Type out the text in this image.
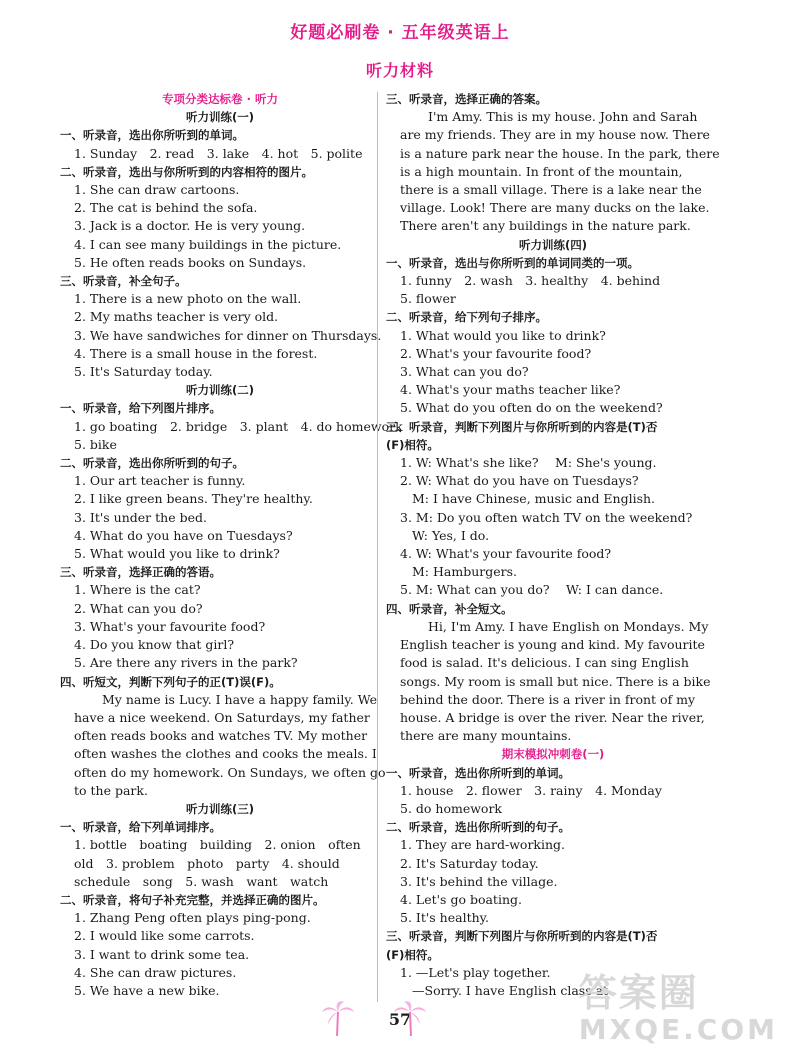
好题必刷卷 · 五年级英语上
听力材料
专项分类达标卷 · 听力
听力训练(一)
一、听录音，选出你所听到的单词。
1. Sunday　2. read　3. lake　4. hot　5. polite
二、听录音，选出与你所听到的内容相符的图片。
1. She can draw cartoons.
2. The cat is behind the sofa.
3. Jack is a doctor. He is very young.
4. I can see many buildings in the picture.
5. He often reads books on Sundays.
三、听录音，补全句子。
1. There is a new photo on the wall.
2. My maths teacher is very old.
3. We have sandwiches for dinner on Thursdays.
4. There is a small house in the forest.
5. It's Saturday today.
听力训练(二)
一、听录音，给下列图片排序。
1. go boating　2. bridge　3. plant　4. do homework
5. bike
二、听录音，选出你所听到的句子。
1. Our art teacher is funny.
2. I like green beans. They're healthy.
3. It's under the bed.
4. What do you have on Tuesdays?
5. What would you like to drink?
三、听录音，选择正确的答语。
1. Where is the cat?
2. What can you do?
3. What's your favourite food?
4. Do you know that girl?
5. Are there any rivers in the park?
四、听短文，判断下列句子的正(T)误(F)。
My name is Lucy. I have a happy family. We
have a nice weekend. On Saturdays, my father
often reads books and watches TV. My mother
often washes the clothes and cooks the meals. I
often do my homework. On Sundays, we often go
to the park.
听力训练(三)
一、听录音，给下列单词排序。
1. bottle　boating　building　2. onion　often
old　3. problem　photo　party　4. should
schedule　song　5. wash　want　watch
二、听录音，将句子补充完整，并选择正确的图片。
1. Zhang Peng often plays ping-pong.
2. I would like some carrots.
3. I want to drink some tea.
4. She can draw pictures.
5. We have a new bike.
三、听录音，选择正确的答案。
I'm Amy. This is my house. John and Sarah
are my friends. They are in my house now. There
is a nature park near the house. In the park, there
is a high mountain. In front of the mountain,
there is a small village. There is a lake near the
village. Look! There are many ducks on the lake.
There aren't any buildings in the nature park.
听力训练(四)
一、听录音，选出与你所听到的单词同类的一项。
1. funny　2. wash　3. healthy　4. behind
5. flower
二、听录音，给下列句子排序。
1. What would you like to drink?
2. What's your favourite food?
3. What can you do?
4. What's your maths teacher like?
5. What do you often do on the weekend?
三、听录音，判断下列图片与你所听到的内容是(T)否
(F)相符。
1. W: What's she like?　 M: She's young.
2. W: What do you have on Tuesdays?
M: I have Chinese, music and English.
3. M: Do you often watch TV on the weekend?
W: Yes, I do.
4. W: What's your favourite food?
M: Hamburgers.
5. M: What can you do?　 W: I can dance.
四、听录音，补全短文。
Hi, I'm Amy. I have English on Mondays. My
English teacher is young and kind. My favourite
food is salad. It's delicious. I can sing English
songs. My room is small but nice. There is a bike
behind the door. There is a river in front of my
house. A bridge is over the river. Near the river,
there are many mountains.
期末模拟冲刺卷(一)
一、听录音，选出你所听到的单词。
1. house　2. flower　3. rainy　4. Monday
5. do homework
二、听录音，选出你所听到的句子。
1. They are hard-working.
2. It's Saturday today.
3. It's behind the village.
4. Let's go boating.
5. It's healthy.
三、听录音，判断下列图片与你所听到的内容是(T)否
(F)相符。
1. —Let's play together.
—Sorry. I have English class at
57
答案圈
MXQE.COM
